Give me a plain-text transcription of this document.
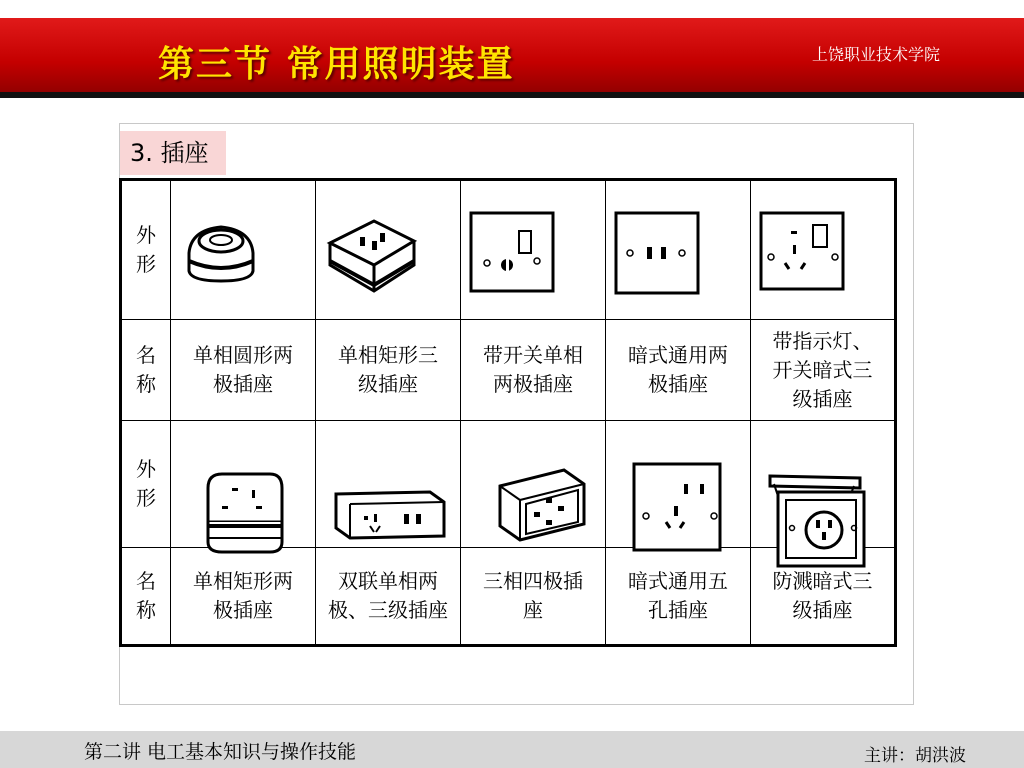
第三节 常用照明装置	上饶职业技术学院
3. 插座
外形	

名称	单相圆形两极插座	单相矩形三级插座	带开关单相两极插座	暗式通用两极插座	带指示灯、开关暗式三级插座

外形					
名称	单相矩形两极插座	双联单相两极、三级插座	三相四极插座	暗式通用五孔插座	防溅暗式三级插座
第二讲 电工基本知识与操作技能	主讲：胡洪波
